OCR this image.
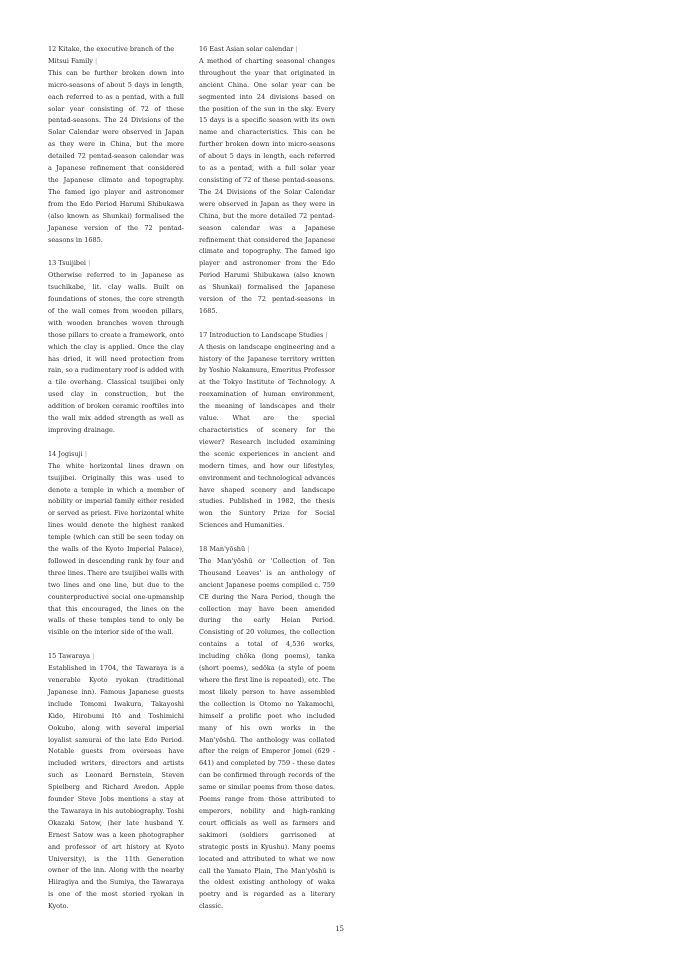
12 Kitake, the executive branch of the Mitsui Family |
This can be further broken down into micro-seasons of about 5 days in length, each referred to as a pentad, with a full solar year consisting of 72 of these pentad-seasons. The 24 Divisions of the Solar Calendar were observed in Japan as they were in China, but the more detailed 72 pentad-season calendar was a Japanese refinement that considered the Japanese climate and topography. The famed igo player and astronomer from the Edo Period Harumi Shibukawa (also known as Shunkai) formalised the Japanese version of the 72 pentad-seasons in 1685.
13 Tsuijibei |
Otherwise referred to in Japanese as tsuchikabe, lit. clay walls. Built on foundations of stones, the core strength of the wall comes from wooden pillars, with wooden branches woven through those pillars to create a framework, onto which the clay is applied. Once the clay has dried, it will need protection from rain, so a rudimentary roof is added with a tile overhang. Classical tsuijibei only used clay in construction, but the addition of broken ceramic rooftiles into the wall mix added strength as well as improving drainage.
14 Jogisuji |
The white horizontal lines drawn on tsuijibei. Originally this was used to denote a temple in which a member of nobility or imperial family either resided or served as priest. Five horizontal white lines would denote the highest ranked temple (which can still be seen today on the walls of the Kyoto Imperial Palace), followed in descending rank by four and three lines. There are tsuijibei walls with two lines and one line, but due to the counterproductive social one-upmanship that this encouraged, the lines on the walls of these temples tend to only be visible on the interior side of the wall.
15 Tawaraya |
Established in 1704, the Tawaraya is a venerable Kyoto ryokan (traditional Japanese inn). Famous Japanese guests include Tomomi Iwakura, Takayoshi Kido, Hirobumi Itō and Toshimichi Ookubo, along with several imperial loyalist samurai of the late Edo Period. Notable guests from overseas have included writers, directors and artists such as Leonard Bernstein, Steven Spielberg and Richard Avedon. Apple founder Steve Jobs mentions a stay at the Tawaraya in his autobiography. Toshi Okazaki Satow, (her late husband Y. Ernest Satow was a keen photographer and professor of art history at Kyoto University), is the 11th Generation owner of the inn. Along with the nearby Hiiragiya and the Sumiya, the Tawaraya is one of the most storied ryokan in Kyoto.
16 East Asian solar calendar |
A method of charting seasonal changes throughout the year that originated in ancient China. One solar year can be segmented into 24 divisions based on the position of the sun in the sky. Every 15 days is a specific season with its own name and characteristics. This can be further broken down into micro-seasons of about 5 days in length, each referred to as a pentad, with a full solar year consisting of 72 of these pentad-seasons. The 24 Divisions of the Solar Calendar were observed in Japan as they were in China, but the more detailed 72 pentad-season calendar was a Japanese refinement that considered the Japanese climate and topography. The famed igo player and astronomer from the Edo Period Harumi Shibukawa (also known as Shunkai) formalised the Japanese version of the 72 pentad-seasons in 1685.
17 Introduction to Landscape Studies |
A thesis on landscape engineering and a history of the Japanese territory written by Yoshio Nakamura, Emeritus Professor at the Tokyo Institute of Technology. A reexamination of human environment, the meaning of landscapes and their value. What are the special characteristics of scenery for the viewer? Research included examining the scenic experiences in ancient and modern times, and how our lifestyles, environment and technological advances have shaped scenery and landscape studies. Published in 1982, the thesis won the Suntory Prize for Social Sciences and Humanities.
18 Man'yōshū |
The Man'yōshū or 'Collection of Ten Thousand Leaves' is an anthology of ancient Japanese poems compiled c. 759 CE during the Nara Period, though the collection may have been amended during the early Heian Period. Consisting of 20 volumes, the collection contains a total of 4,536 works, including chōka (long poems), tanka (short poems), sedōka (a style of poem where the first line is repeated), etc. The most likely person to have assembled the collection is Otomo no Yakamochi, himself a prolific poet who included many of his own works in the Man'yōshū. The anthology was collated after the reign of Emperor Jomei (629 - 641) and completed by 759 - these dates can be confirmed through records of the same or similar poems from those dates. Poems range from those attributed to emperors, nobility and high-ranking court officials as well as farmers and sakimori (soldiers garrisoned at strategic posts in Kyushu). Many poems located and attributed to what we now call the Yamato Plain, The Man'yōshū is the oldest existing anthology of waka poetry and is regarded as a literary classic.
15
